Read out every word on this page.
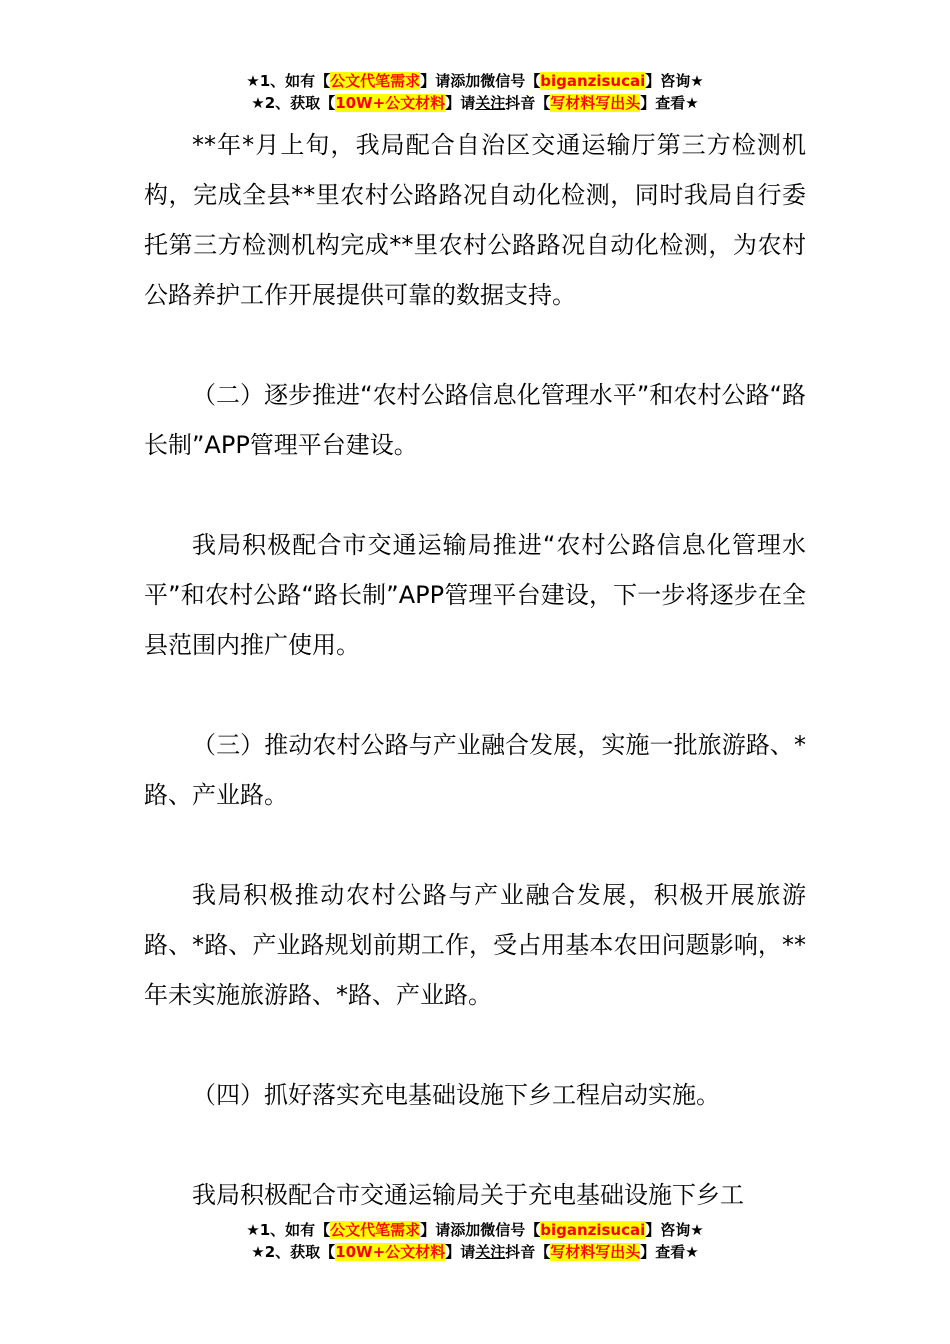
★1、如有【公文代笔需求】请添加微信号【biganzisucai】咨询★
★2、获取【10W+公文材料】请关注抖音【写材料写出头】查看★

**年*月上旬，我局配合自治区交通运输厅第三方检测机构，完成全县**里农村公路路况自动化检测，同时我局自行委托第三方检测机构完成**里农村公路路况自动化检测，为农村公路养护工作开展提供可靠的数据支持。

（二）逐步推进“农村公路信息化管理水平”和农村公路“路长制”APP管理平台建设。

我局积极配合市交通运输局推进“农村公路信息化管理水平”和农村公路“路长制”APP管理平台建设，下一步将逐步在全县范围内推广使用。

（三）推动农村公路与产业融合发展，实施一批旅游路、*路、产业路。

我局积极推动农村公路与产业融合发展，积极开展旅游路、*路、产业路规划前期工作，受占用基本农田问题影响，**年未实施旅游路、*路、产业路。

（四）抓好落实充电基础设施下乡工程启动实施。

我局积极配合市交通运输局关于充电基础设施下乡工

★1、如有【公文代笔需求】请添加微信号【biganzisucai】咨询★
★2、获取【10W+公文材料】请关注抖音【写材料写出头】查看★
